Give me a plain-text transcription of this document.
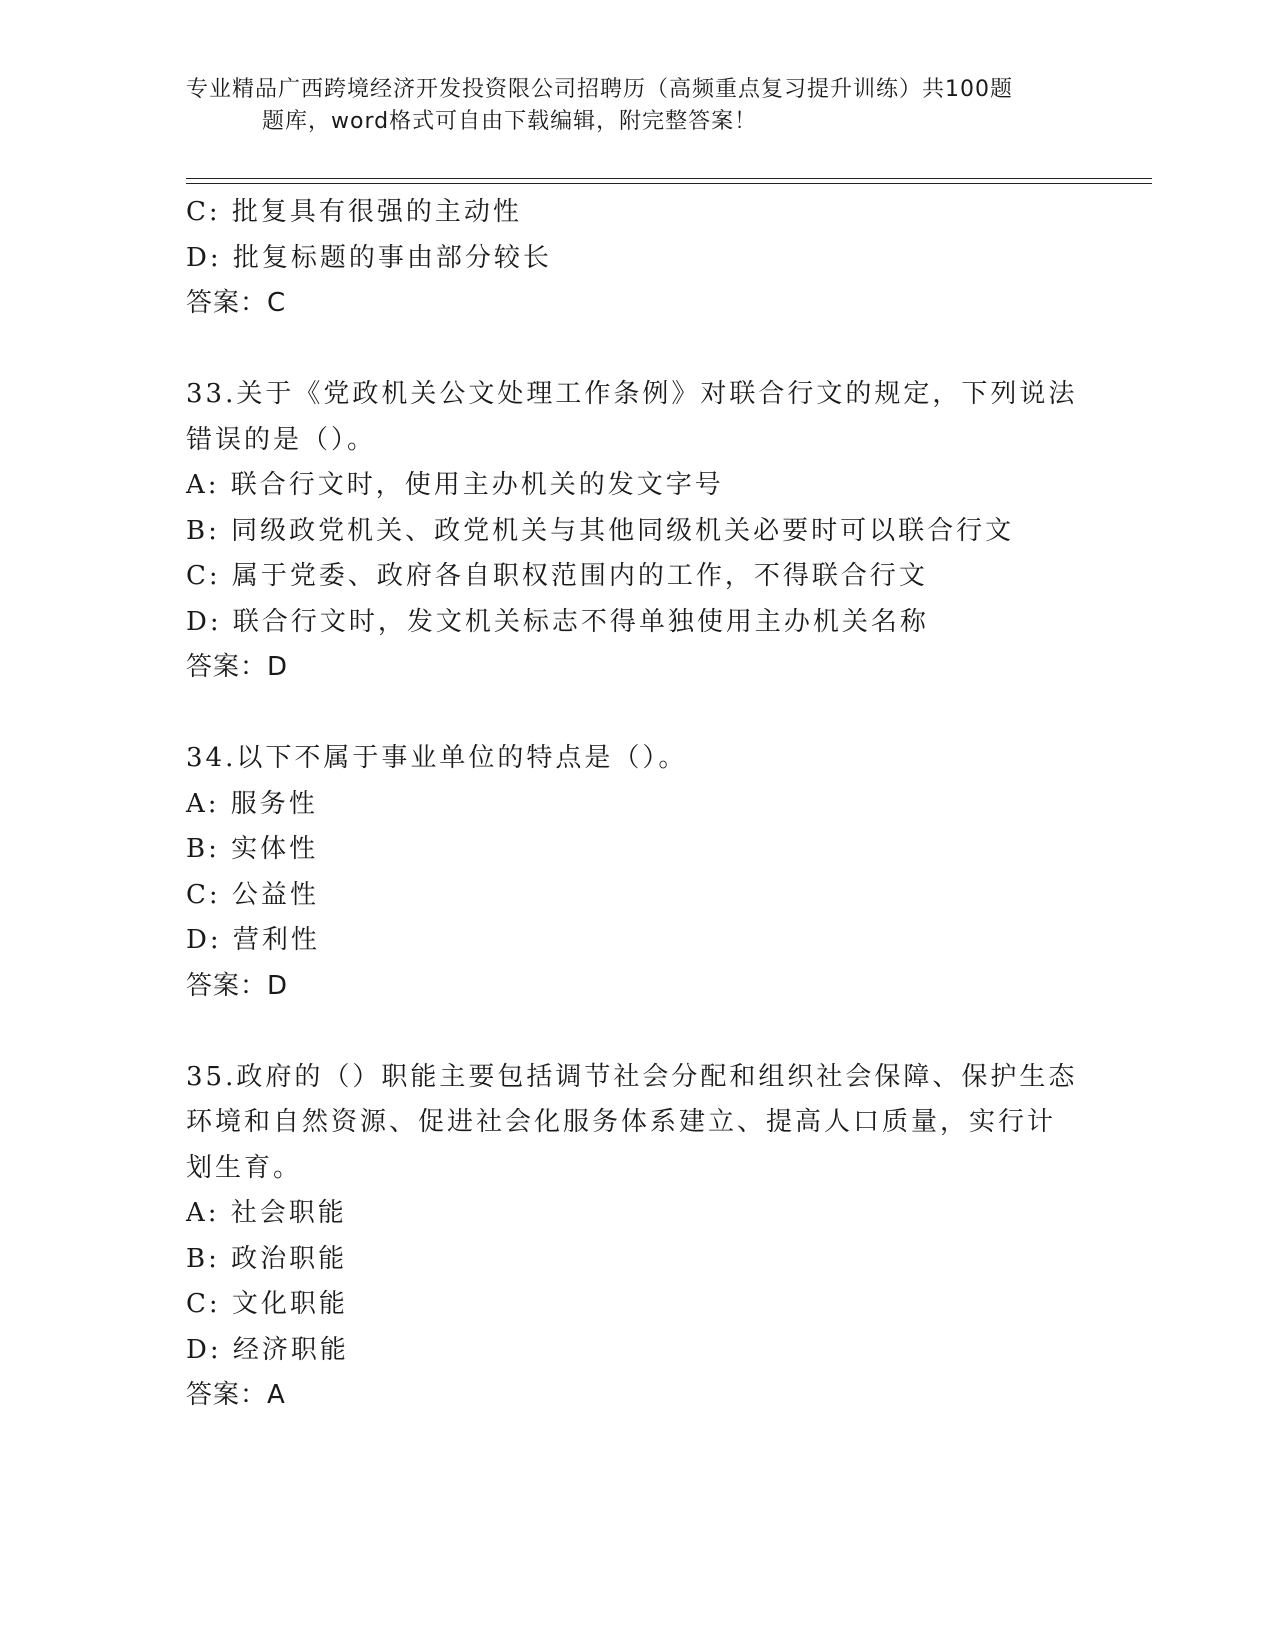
专业精品广西跨境经济开发投资限公司招聘历（高频重点复习提升训练）共100题
题库，word格式可自由下载编辑，附完整答案！
C: 批复具有很强的主动性
D: 批复标题的事由部分较长
答案：C
33.关于《党政机关公文处理工作条例》对联合行文的规定，下列说法
错误的是（）。
A: 联合行文时，使用主办机关的发文字号
B: 同级政党机关、政党机关与其他同级机关必要时可以联合行文
C: 属于党委、政府各自职权范围内的工作，不得联合行文
D: 联合行文时，发文机关标志不得单独使用主办机关名称
答案：D
34.以下不属于事业单位的特点是（）。
A: 服务性
B: 实体性
C: 公益性
D: 营利性
答案：D
35.政府的（）职能主要包括调节社会分配和组织社会保障、保护生态
环境和自然资源、促进社会化服务体系建立、提高人口质量，实行计
划生育。
A: 社会职能
B: 政治职能
C: 文化职能
D: 经济职能
答案：A
